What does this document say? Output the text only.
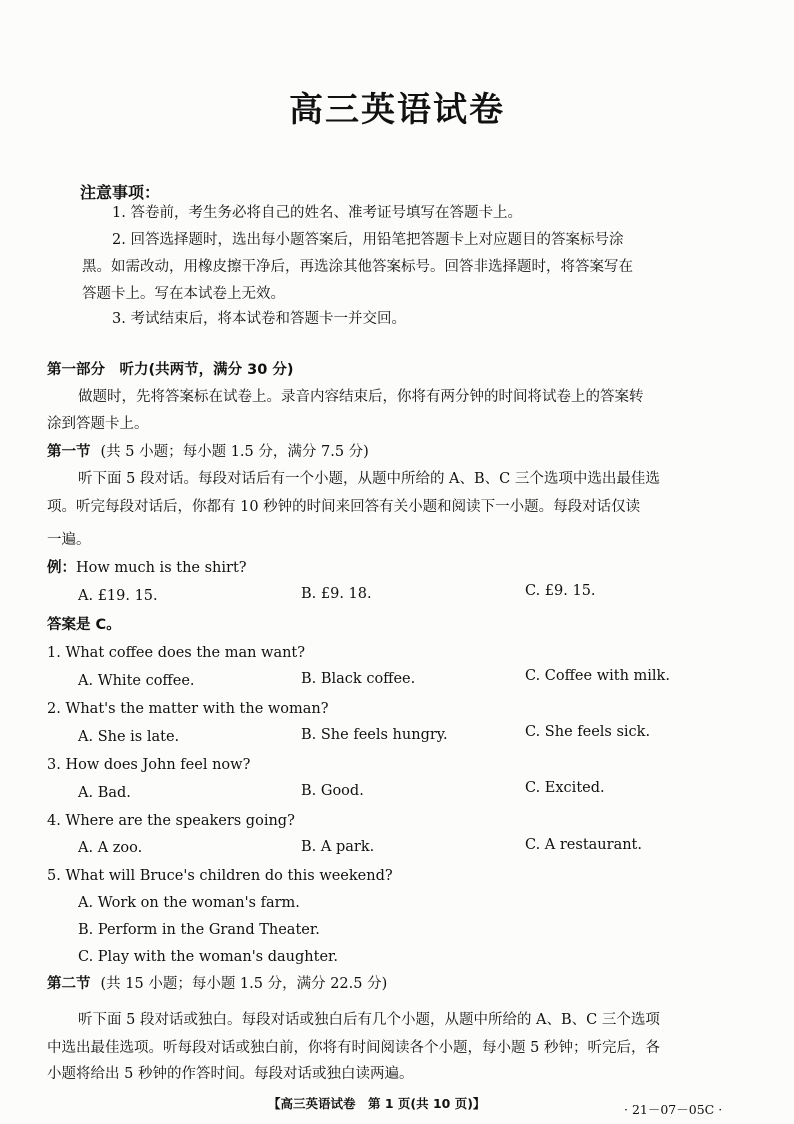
高三英语试卷
注意事项：
1. 答卷前，考生务必将自己的姓名、准考证号填写在答题卡上。
2. 回答选择题时，选出每小题答案后，用铅笔把答题卡上对应题目的答案标号涂
黑。如需改动，用橡皮擦干净后，再选涂其他答案标号。回答非选择题时，将答案写在
答题卡上。写在本试卷上无效。
3. 考试结束后，将本试卷和答题卡一并交回。
第一部分　听力(共两节，满分 30 分)
做题时，先将答案标在试卷上。录音内容结束后，你将有两分钟的时间将试卷上的答案转
涂到答题卡上。
第一节 (共 5 小题；每小题 1.5 分，满分 7.5 分)
听下面 5 段对话。每段对话后有一个小题，从题中所给的 A、B、C 三个选项中选出最佳选
项。听完每段对话后，你都有 10 秒钟的时间来回答有关小题和阅读下一小题。每段对话仅读
一遍。
例：How much is the shirt?
A. £19. 15.	B. £9. 18.	C. £9. 15.
答案是 C。
1. What coffee does the man want?
A. White coffee.	B. Black coffee.	C. Coffee with milk.
2. What's the matter with the woman?
A. She is late.	B. She feels hungry.	C. She feels sick.
3. How does John feel now?
A. Bad.	B. Good.	C. Excited.
4. Where are the speakers going?
A. A zoo.	B. A park.	C. A restaurant.
5. What will Bruce's children do this weekend?
A. Work on the woman's farm.
B. Perform in the Grand Theater.
C. Play with the woman's daughter.
第二节 (共 15 小题；每小题 1.5 分，满分 22.5 分)
听下面 5 段对话或独白。每段对话或独白后有几个小题，从题中所给的 A、B、C 三个选项
中选出最佳选项。听每段对话或独白前，你将有时间阅读各个小题，每小题 5 秒钟；听完后，各
小题将给出 5 秒钟的作答时间。每段对话或独白读两遍。
【高三英语试卷　第 1 页(共 10 页)】	· 21－07－05C ·
